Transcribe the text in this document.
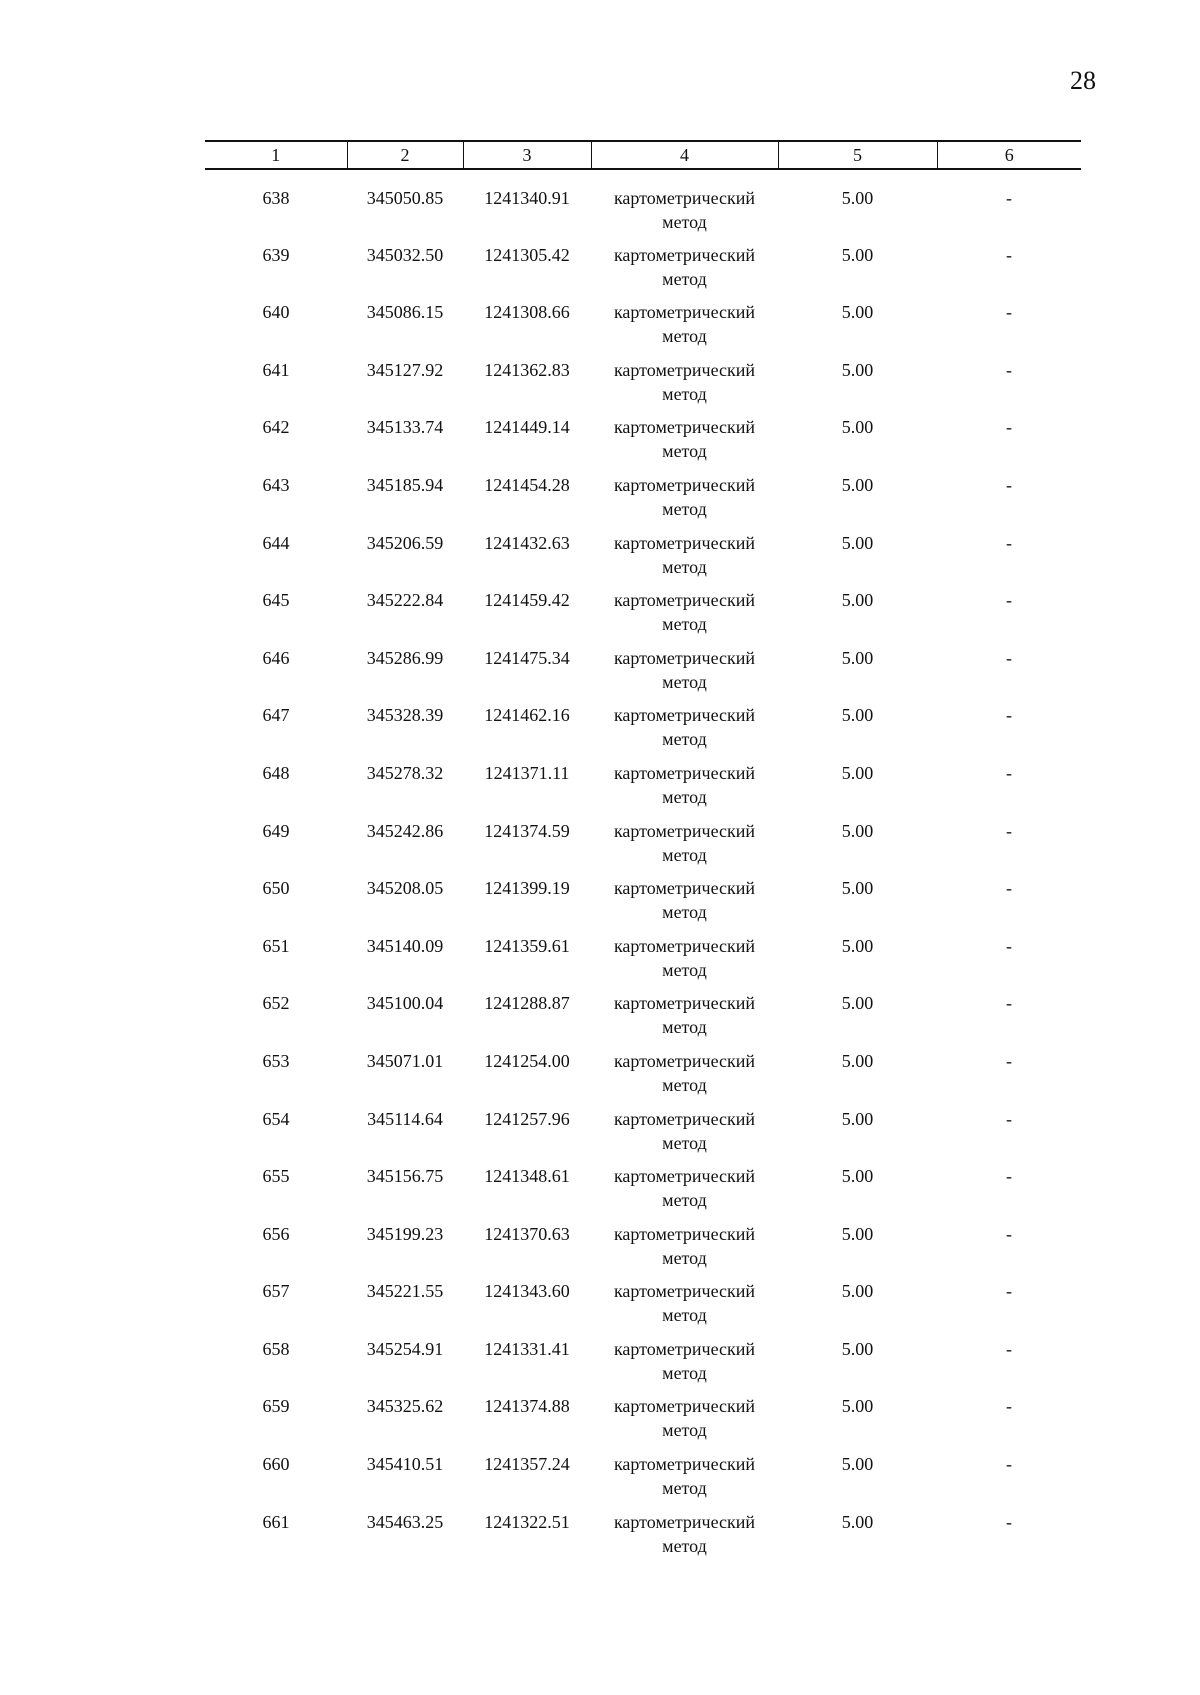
28
1	2	3	4	5	6
638	345050.85	1241340.91	картометрический метод	5.00	-
639	345032.50	1241305.42	картометрический метод	5.00	-
640	345086.15	1241308.66	картометрический метод	5.00	-
641	345127.92	1241362.83	картометрический метод	5.00	-
642	345133.74	1241449.14	картометрический метод	5.00	-
643	345185.94	1241454.28	картометрический метод	5.00	-
644	345206.59	1241432.63	картометрический метод	5.00	-
645	345222.84	1241459.42	картометрический метод	5.00	-
646	345286.99	1241475.34	картометрический метод	5.00	-
647	345328.39	1241462.16	картометрический метод	5.00	-
648	345278.32	1241371.11	картометрический метод	5.00	-
649	345242.86	1241374.59	картометрический метод	5.00	-
650	345208.05	1241399.19	картометрический метод	5.00	-
651	345140.09	1241359.61	картометрический метод	5.00	-
652	345100.04	1241288.87	картометрический метод	5.00	-
653	345071.01	1241254.00	картометрический метод	5.00	-
654	345114.64	1241257.96	картометрический метод	5.00	-
655	345156.75	1241348.61	картометрический метод	5.00	-
656	345199.23	1241370.63	картометрический метод	5.00	-
657	345221.55	1241343.60	картометрический метод	5.00	-
658	345254.91	1241331.41	картометрический метод	5.00	-
659	345325.62	1241374.88	картометрический метод	5.00	-
660	345410.51	1241357.24	картометрический метод	5.00	-
661	345463.25	1241322.51	картометрический метод	5.00	-
